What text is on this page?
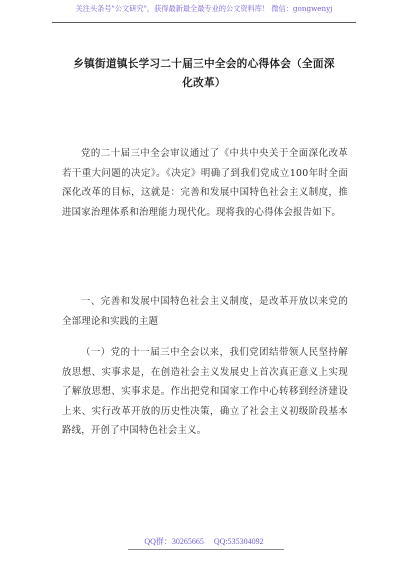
关注头条号"公文研究"，获得最新最全最专业的公文资料库！ 微信：gongwenyj
乡镇街道镇长学习二十届三中全会的心得体会（全面深化改革）
党的二十届三中全会审议通过了《中共中央关于全面深化改革若干重大问题的决定》。《决定》明确了到我们党成立100年时全面深化改革的目标，这就是：完善和发展中国特色社会主义制度，推进国家治理体系和治理能力现代化。现将我的心得体会报告如下。
一、完善和发展中国特色社会主义制度，是改革开放以来党的全部理论和实践的主题
（一）党的十一届三中全会以来，我们党团结带领人民坚持解放思想、实事求是，在创造社会主义发展史上首次真正意义上实现了解放思想、实事求是。作出把党和国家工作中心转移到经济建设上来、实行改革开放的历史性决策，确立了社会主义初级阶段基本路线，开创了中国特色社会主义。
QQ群：30265665     QQ:535304092
